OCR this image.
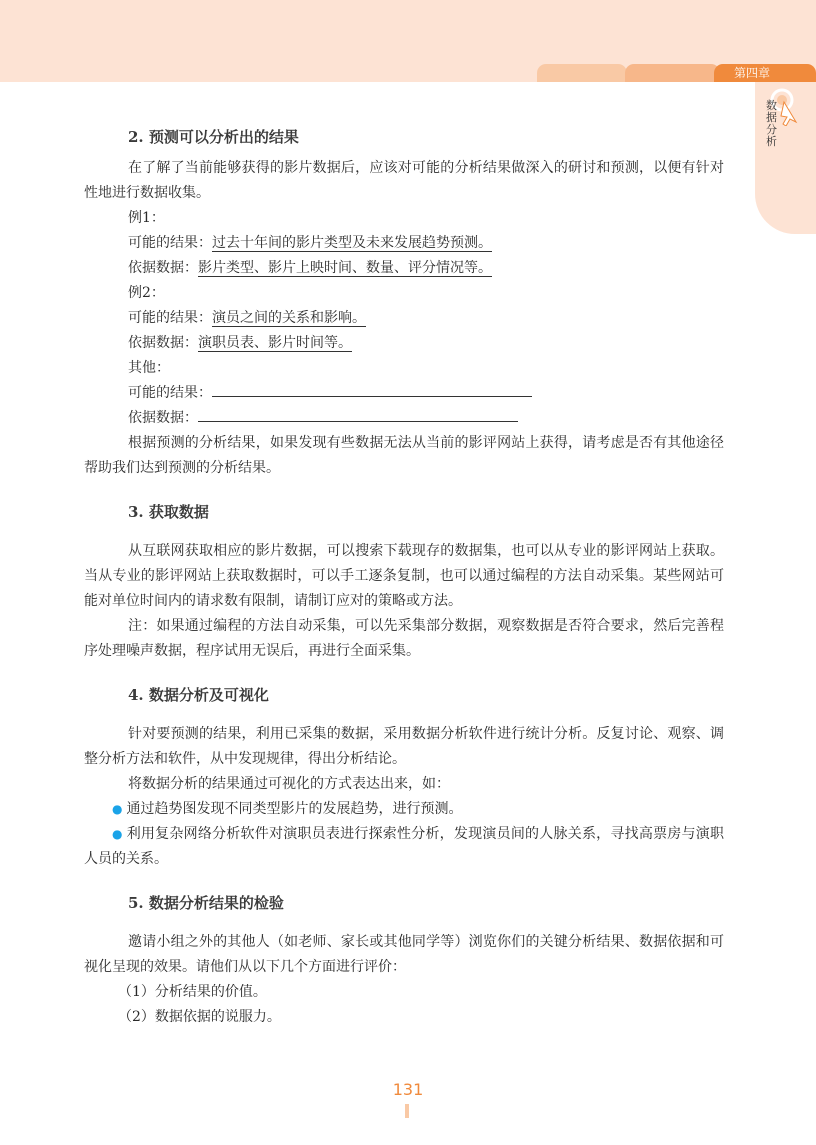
第四章
数据分析
2. 预测可以分析出的结果

在了解了当前能够获得的影片数据后，应该对可能的分析结果做深入的研讨和预测，以便有针对性地进行数据收集。

例1：

可能的结果：过去十年间的影片类型及未来发展趋势预测。

依据数据：影片类型、影片上映时间、数量、评分情况等。

例2：

可能的结果：演员之间的关系和影响。

依据数据：演职员表、影片时间等。

其他：

可能的结果：

依据数据：

根据预测的分析结果，如果发现有些数据无法从当前的影评网站上获得，请考虑是否有其他途径帮助我们达到预测的分析结果。

3. 获取数据

从互联网获取相应的影片数据，可以搜索下载现存的数据集，也可以从专业的影评网站上获取。当从专业的影评网站上获取数据时，可以手工逐条复制，也可以通过编程的方法自动采集。某些网站可能对单位时间内的请求数有限制，请制订应对的策略或方法。

注：如果通过编程的方法自动采集，可以先采集部分数据，观察数据是否符合要求，然后完善程序处理噪声数据，程序试用无误后，再进行全面采集。

4. 数据分析及可视化

针对要预测的结果，利用已采集的数据，采用数据分析软件进行统计分析。反复讨论、观察、调整分析方法和软件，从中发现规律，得出分析结论。

将数据分析的结果通过可视化的方式表达出来，如：

● 通过趋势图发现不同类型影片的发展趋势，进行预测。

● 利用复杂网络分析软件对演职员表进行探索性分析，发现演员间的人脉关系，寻找高票房与演职人员的关系。

5. 数据分析结果的检验

邀请小组之外的其他人（如老师、家长或其他同学等）浏览你们的关键分析结果、数据依据和可视化呈现的效果。请他们从以下几个方面进行评价：

（1）分析结果的价值。

（2）数据依据的说服力。

131
